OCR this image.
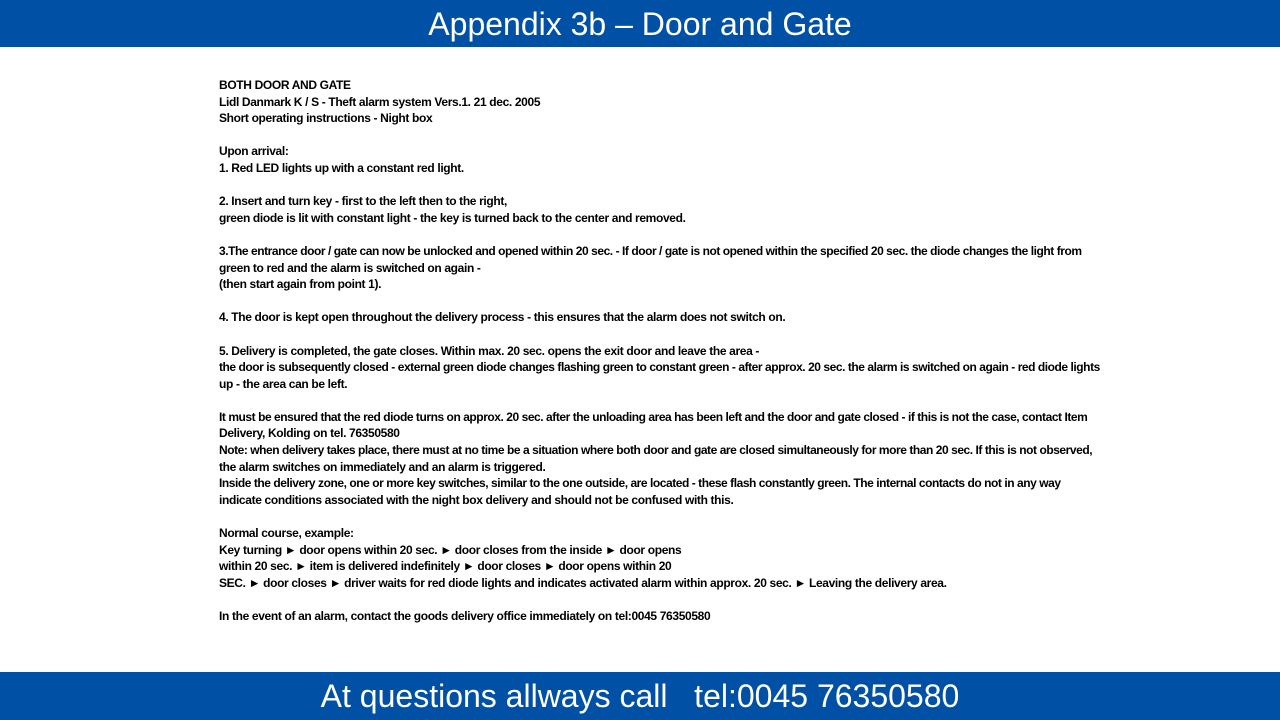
Appendix 3b – Door and Gate
BOTH DOOR AND GATE
Lidl Danmark K / S - Theft alarm system Vers.1. 21 dec. 2005
Short operating instructions - Night box
Upon arrival:
1. Red LED lights up with a constant red light.
2. Insert and turn key - first to the left then to the right,
green diode is lit with constant light - the key is turned back to the center and removed.
3.The entrance door / gate can now be unlocked and opened within 20 sec. - If door / gate is not opened within the specified 20 sec. the diode changes the light from
green to red and the alarm is switched on again -
(then start again from point 1).
4. The door is kept open throughout the delivery process - this ensures that the alarm does not switch on.
5. Delivery is completed, the gate closes. Within max. 20 sec. opens the exit door and leave the area -
the door is subsequently closed - external green diode changes flashing green to constant green - after approx. 20 sec. the alarm is switched on again - red diode lights
up - the area can be left.
It must be ensured that the red diode turns on approx. 20 sec. after the unloading area has been left and the door and gate closed - if this is not the case, contact Item
Delivery, Kolding on tel. 76350580
Note: when delivery takes place, there must at no time be a situation where both door and gate are closed simultaneously for more than 20 sec. If this is not observed,
the alarm switches on immediately and an alarm is triggered.
Inside the delivery zone, one or more key switches, similar to the one outside, are located - these flash constantly green. The internal contacts do not in any way
indicate conditions associated with the night box delivery and should not be confused with this.
Normal course, example:
Key turning ► door opens within 20 sec. ► door closes from the inside ► door opens
within 20 sec. ► item is delivered indefinitely ► door closes ► door opens within 20
SEC. ► door closes ► driver waits for red diode lights and indicates activated alarm within approx. 20 sec. ► Leaving the delivery area.
In the event of an alarm, contact the goods delivery office immediately on tel:0045 76350580
At questions allways call   tel:0045 76350580
